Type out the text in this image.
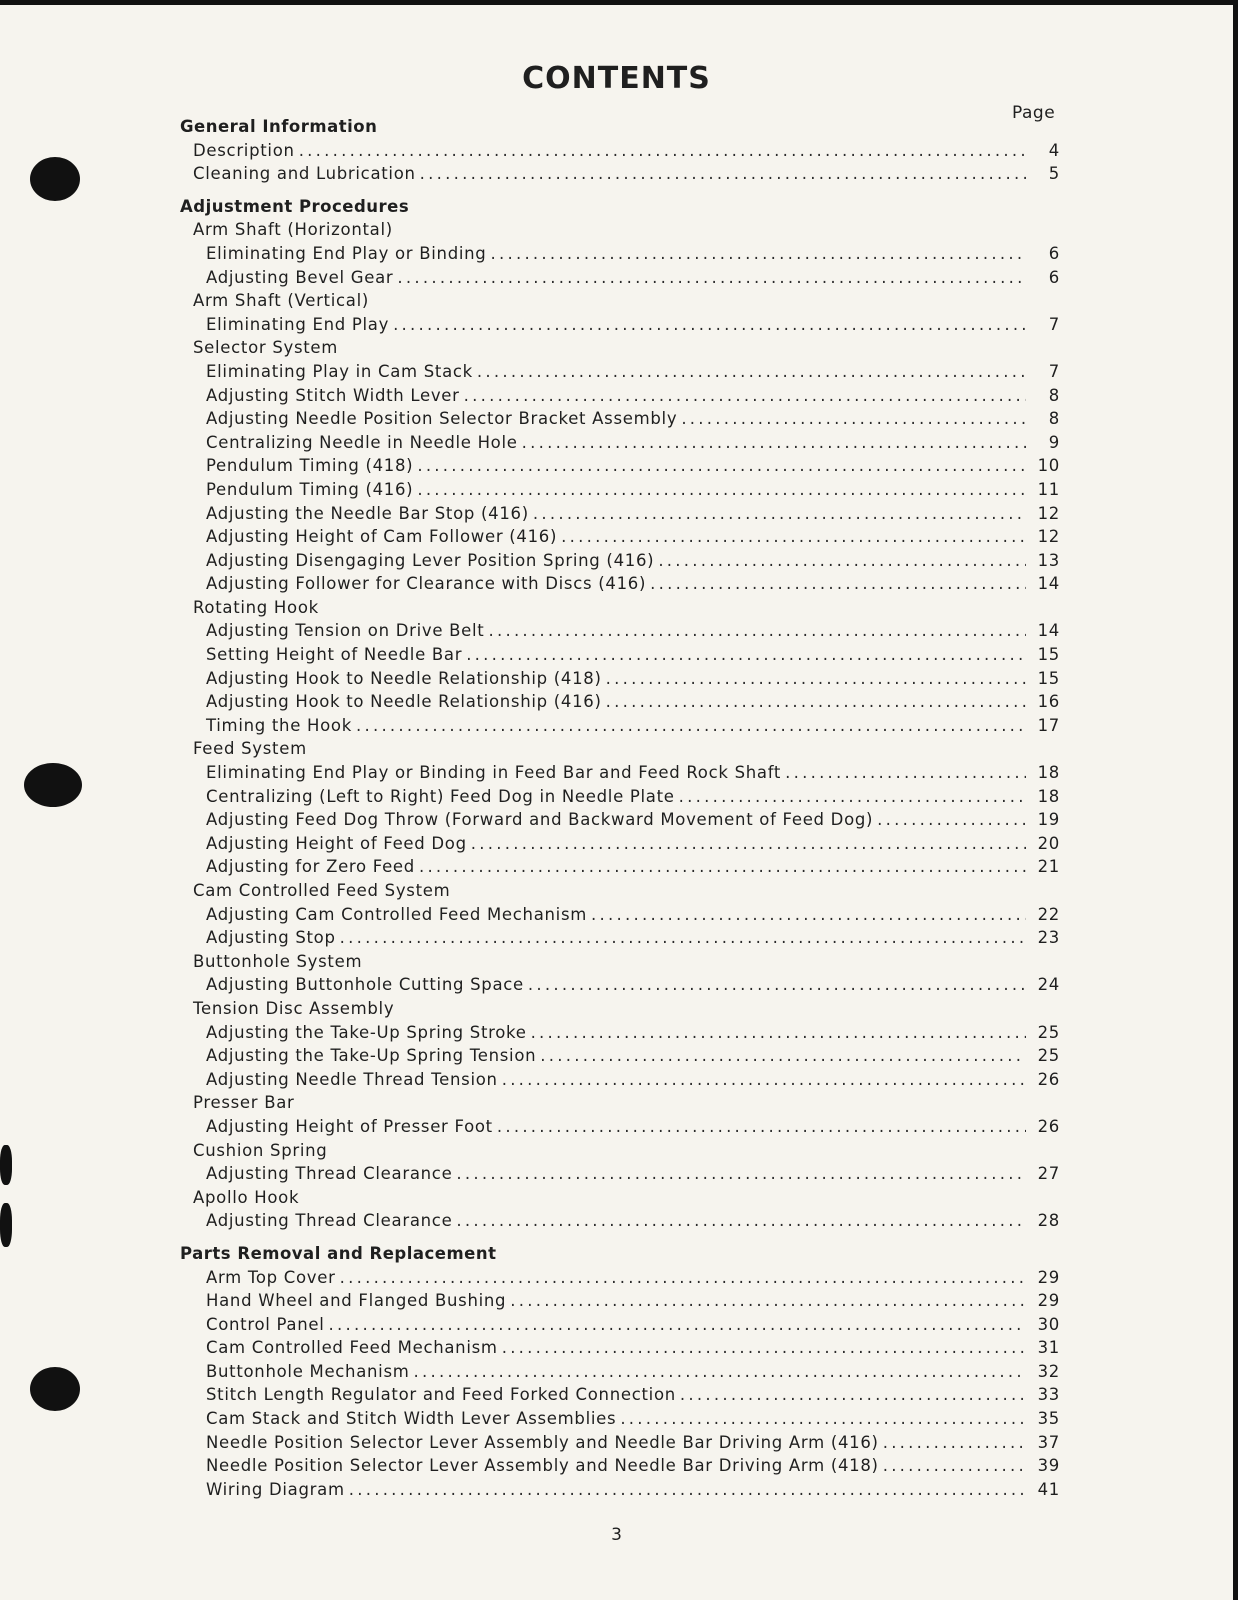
CONTENTS
Page
General Information
Description . . .	4
Cleaning and Lubrication . . .	5
Adjustment Procedures
Arm Shaft (Horizontal)
Eliminating End Play or Binding . . .	6
Adjusting Bevel Gear . . .	6
Arm Shaft (Vertical)
Eliminating End Play . . .	7
Selector System
Eliminating Play in Cam Stack . . .	7
Adjusting Stitch Width Lever . . .	8
Adjusting Needle Position Selector Bracket Assembly . . .	8
Centralizing Needle in Needle Hole . . .	9
Pendulum Timing (418) . . .	10
Pendulum Timing (416) . . .	11
Adjusting the Needle Bar Stop (416) . . .	12
Adjusting Height of Cam Follower (416) . . .	12
Adjusting Disengaging Lever Position Spring (416) . . .	13
Adjusting Follower for Clearance with Discs (416) . . .	14
Rotating Hook
Adjusting Tension on Drive Belt . . .	14
Setting Height of Needle Bar . . .	15
Adjusting Hook to Needle Relationship (418) . . .	15
Adjusting Hook to Needle Relationship (416) . . .	16
Timing the Hook . . .	17
Feed System
Eliminating End Play or Binding in Feed Bar and Feed Rock Shaft . . .	18
Centralizing (Left to Right) Feed Dog in Needle Plate . . .	18
Adjusting Feed Dog Throw (Forward and Backward Movement of Feed Dog) . . .	19
Adjusting Height of Feed Dog . . .	20
Adjusting for Zero Feed . . .	21
Cam Controlled Feed System
Adjusting Cam Controlled Feed Mechanism . . .	22
Adjusting Stop . . .	23
Buttonhole System
Adjusting Buttonhole Cutting Space . . .	24
Tension Disc Assembly
Adjusting the Take-Up Spring Stroke . . .	25
Adjusting the Take-Up Spring Tension . . .	25
Adjusting Needle Thread Tension . . .	26
Presser Bar
Adjusting Height of Presser Foot . . .	26
Cushion Spring
Adjusting Thread Clearance . . .	27
Apollo Hook
Adjusting Thread Clearance . . .	28
Parts Removal and Replacement
Arm Top Cover . . .	29
Hand Wheel and Flanged Bushing . . .	29
Control Panel . . .	30
Cam Controlled Feed Mechanism . . .	31
Buttonhole Mechanism . . .	32
Stitch Length Regulator and Feed Forked Connection . . .	33
Cam Stack and Stitch Width Lever Assemblies . . .	35
Needle Position Selector Lever Assembly and Needle Bar Driving Arm (416) . . .	37
Needle Position Selector Lever Assembly and Needle Bar Driving Arm (418) . . .	39
Wiring Diagram . . .	41
3
